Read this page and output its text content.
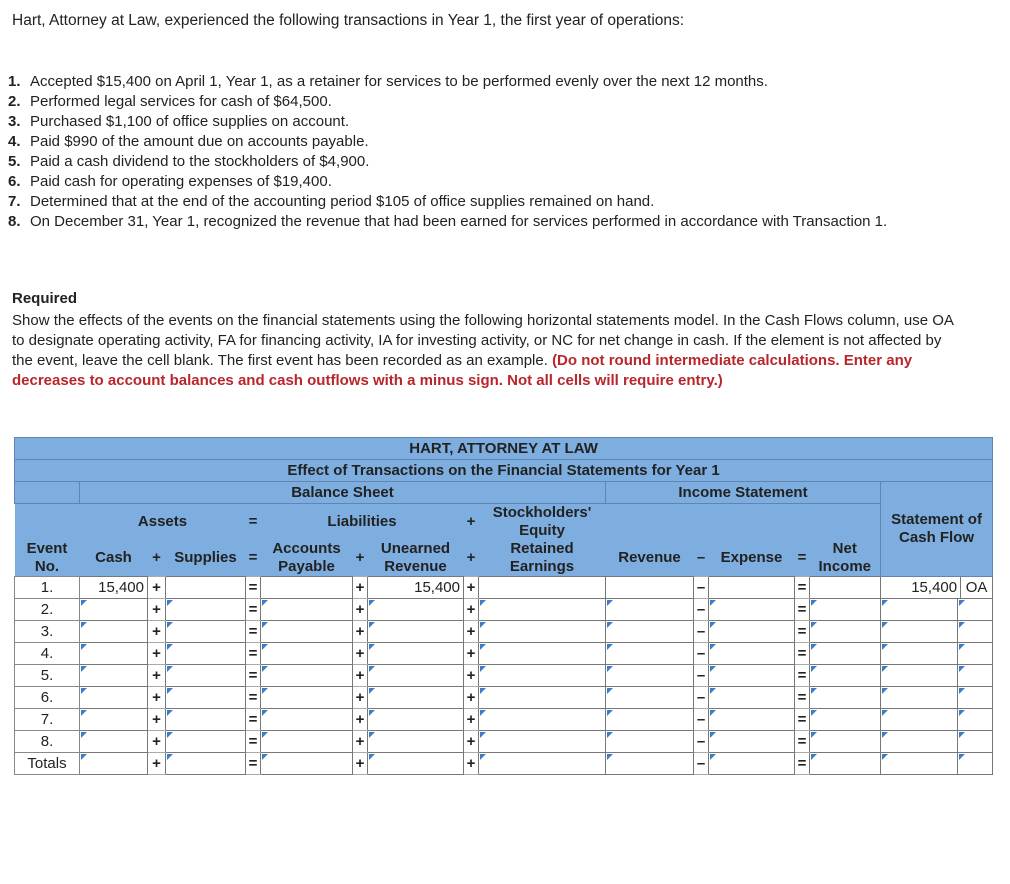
Hart, Attorney at Law, experienced the following transactions in Year 1, the first year of operations:
1. Accepted $15,400 on April 1, Year 1, as a retainer for services to be performed evenly over the next 12 months.
2. Performed legal services for cash of $64,500.
3. Purchased $1,100 of office supplies on account.
4. Paid $990 of the amount due on accounts payable.
5. Paid a cash dividend to the stockholders of $4,900.
6. Paid cash for operating expenses of $19,400.
7. Determined that at the end of the accounting period $105 of office supplies remained on hand.
8. On December 31, Year 1, recognized the revenue that had been earned for services performed in accordance with Transaction 1.
Required
Show the effects of the events on the financial statements using the following horizontal statements model. In the Cash Flows column, use OA to designate operating activity, FA for financing activity, IA for investing activity, or NC for net change in cash. If the element is not affected by the event, leave the cell blank. The first event has been recorded as an example. (Do not round intermediate calculations. Enter any decreases to account balances and cash outflows with a minus sign. Not all cells will require entry.)
HART, ATTORNEY AT LAW															
Effect of Transactions on the Financial Statements for Year 1															
	Balance Sheet									Income Statement					Statement of Cash Flow
	Assets			=	Liabilities			+	Stockholders' Equity						
Event No.	Cash	+	Supplies	=	Accounts Payable	+	Unearned Revenue	+	Retained Earnings	Revenue	–	Expense	=	Net Income	
1.	15,400	+		=		+	15,400	+			–		=		15,400 OA

2.		+		=		+		+			–		=		

3.		+		=		+		+			–		=		

4.		+		=		+		+			–		=		

5.		+		=		+		+			–		=		

6.		+		=		+		+			–		=		

7.		+		=		+		+			–		=		

8.		+		=		+		+			–		=		

Totals		+		=		+		+			–		=		
